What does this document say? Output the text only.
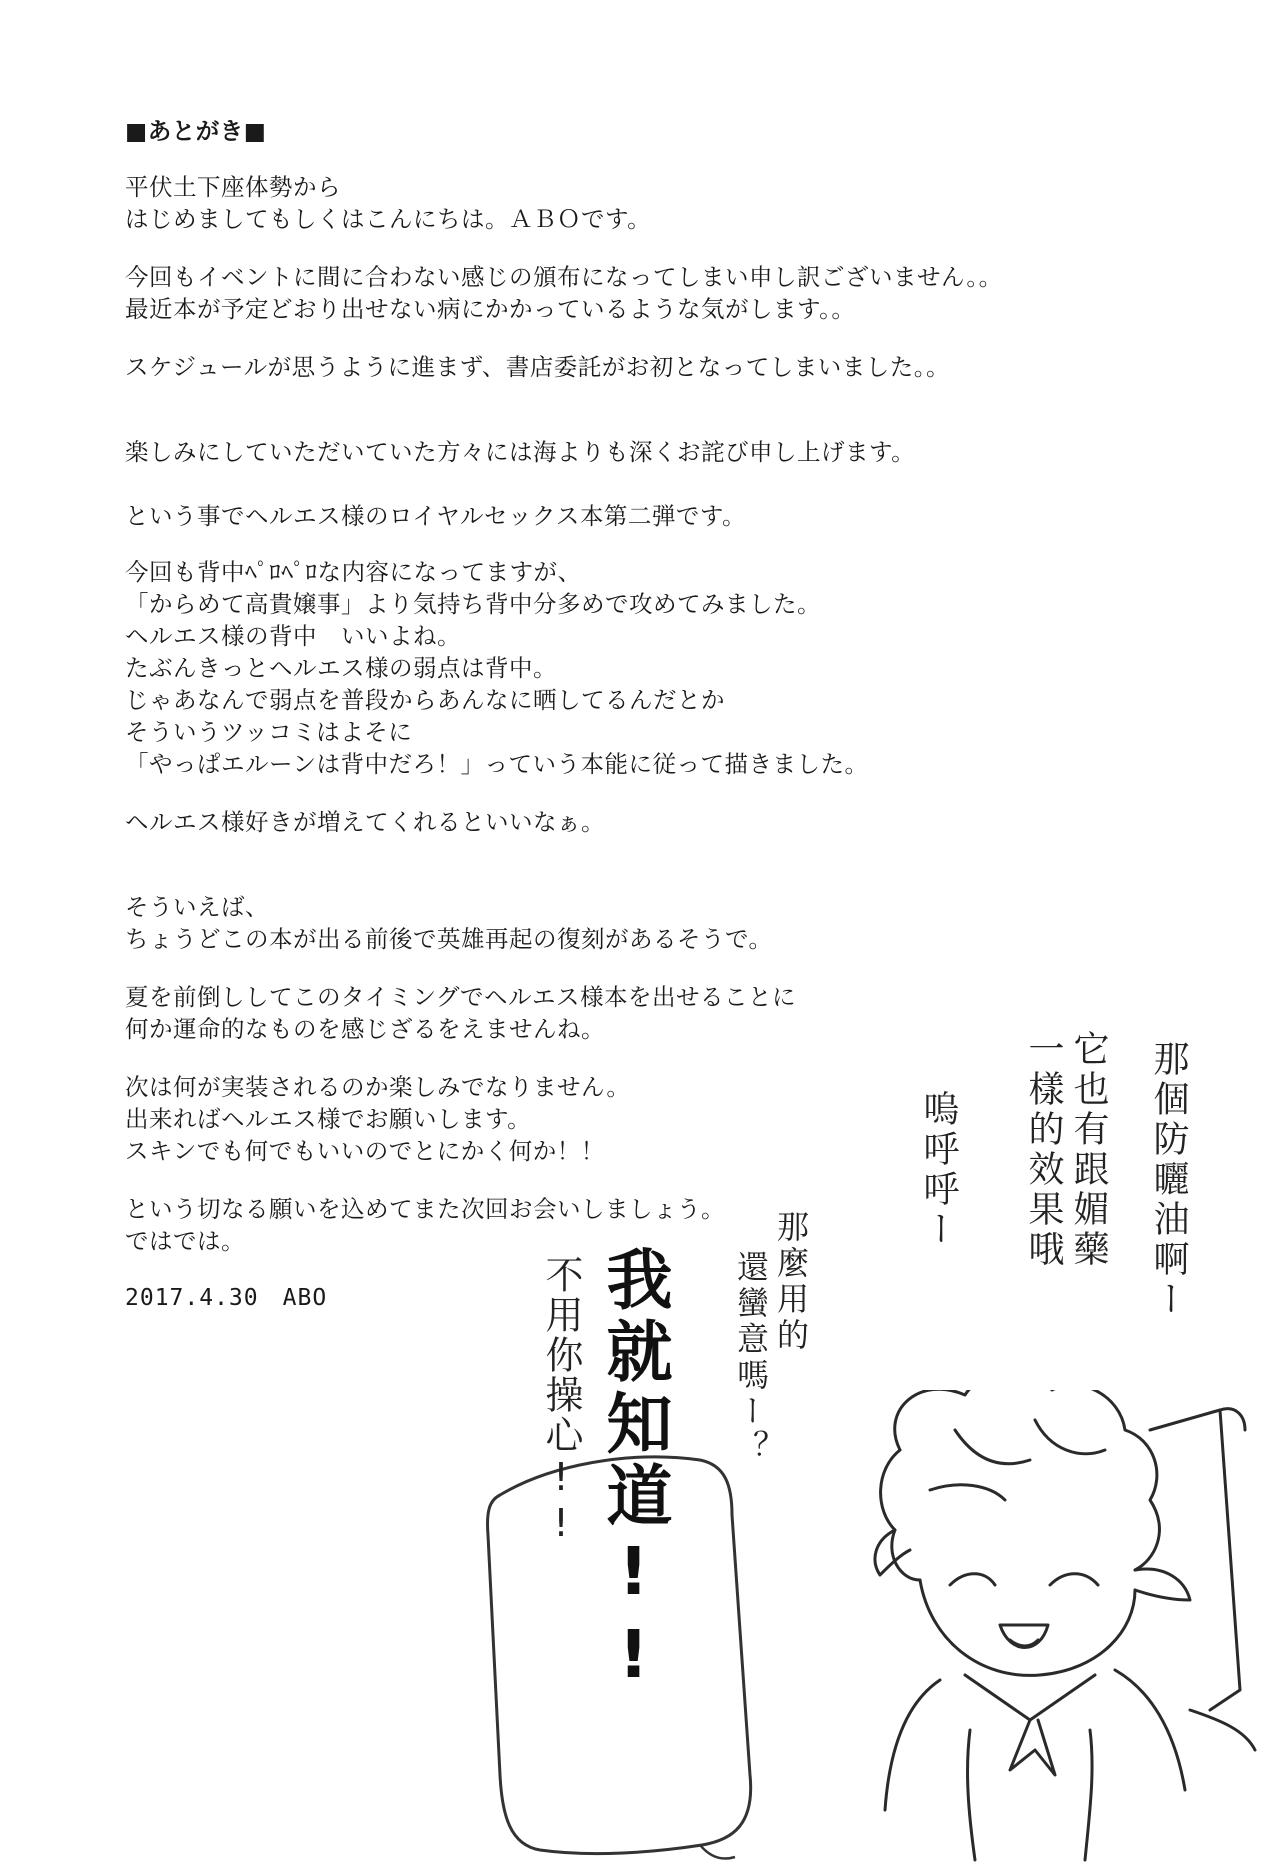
■あとがき■
平伏土下座体勢から
はじめましてもしくはこんにちは。ＡＢＯです。
今回もイベントに間に合わない感じの頒布になってしまい申し訳ございません。。
最近本が予定どおり出せない病にかかっているような気がします。。
スケジュールが思うように進まず、書店委託がお初となってしまいました。。
楽しみにしていただいていた方々には海よりも深くお詫び申し上げます。
という事でヘルエス様のロイヤルセックス本第二弾です。
今回も背中ﾍﾟﾛﾍﾟﾛな内容になってますが、
「からめて高貴嬢事」より気持ち背中分多めで攻めてみました。
ヘルエス様の背中　いいよね。
たぶんきっとヘルエス様の弱点は背中。
じゃあなんで弱点を普段からあんなに晒してるんだとか
そういうツッコミはよそに
「やっぱエルーンは背中だろ！」っていう本能に従って描きました。
ヘルエス様好きが増えてくれるといいなぁ。
そういえば、
ちょうどこの本が出る前後で英雄再起の復刻があるそうで。
夏を前倒ししてこのタイミングでヘルエス様本を出せることに
何か運命的なものを感じざるをえませんね。
次は何が実装されるのか楽しみでなりません。
出来ればヘルエス様でお願いします。
スキンでも何でもいいのでとにかく何か！！
という切なる願いを込めてまた次回お会いしましょう。
ではでは。
2017.4.30　ABO	那個防曬油啊ー
它也有跟媚藥
一樣的效果哦
嗚呼呼ー
那麼用的
還蠻意嗎ー？
我就知道!!
不用你操心!!
